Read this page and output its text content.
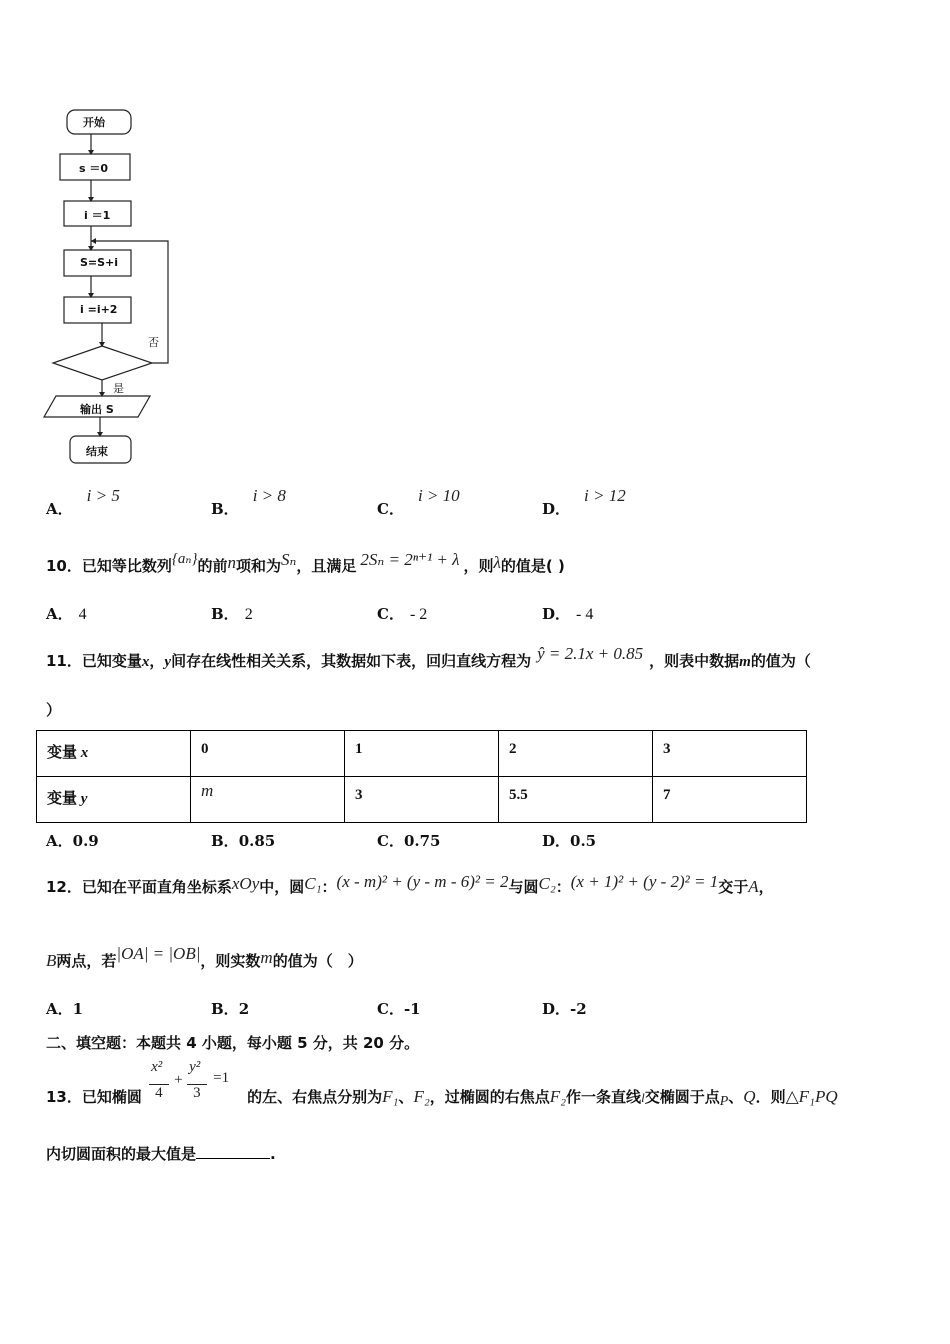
开始
s ＝0
i ＝1
S=S+i
i =i+2
否
是
输出 S
结束
A．i > 5
B．i > 8
C．i > 10
D．i > 12
10．已知等比数列{aₙ}的前n项和为Sₙ，且满足 2Sₙ = 2ⁿ⁺¹ + λ ，则λ的值是( )
A． 4	B． 2	C． - 2	D． - 4
11．已知变量x，y间存在线性相关关系，其数据如下表，回归直线方程为 ŷ = 2.1x + 0.85 ，则表中数据m的值为（
）
变量 x	0	1	2	3
变量 y	m	3	5.5	7
A．0.9	B．0.85	C．0.75	D．0.5
12．已知在平面直角坐标系xOy中，圆C₁：(x - m)² + (y - m - 6)² = 2与圆C₂：(x + 1)² + (y - 2)² = 1交于A，
B两点，若|OA| = |OB|，则实数m的值为（　）
A．1	B．2	C．-1	D．-2
二、填空题：本题共 4 小题，每小题 5 分，共 20 分。
13．已知椭圆
x²
4
+
y²
3
=1
的左、右焦点分别为F₁、F₂，过椭圆的右焦点F₂作一条直线l交椭圆于点P、Q．则△F₁PQ
内切圆面积的最大值是	.
